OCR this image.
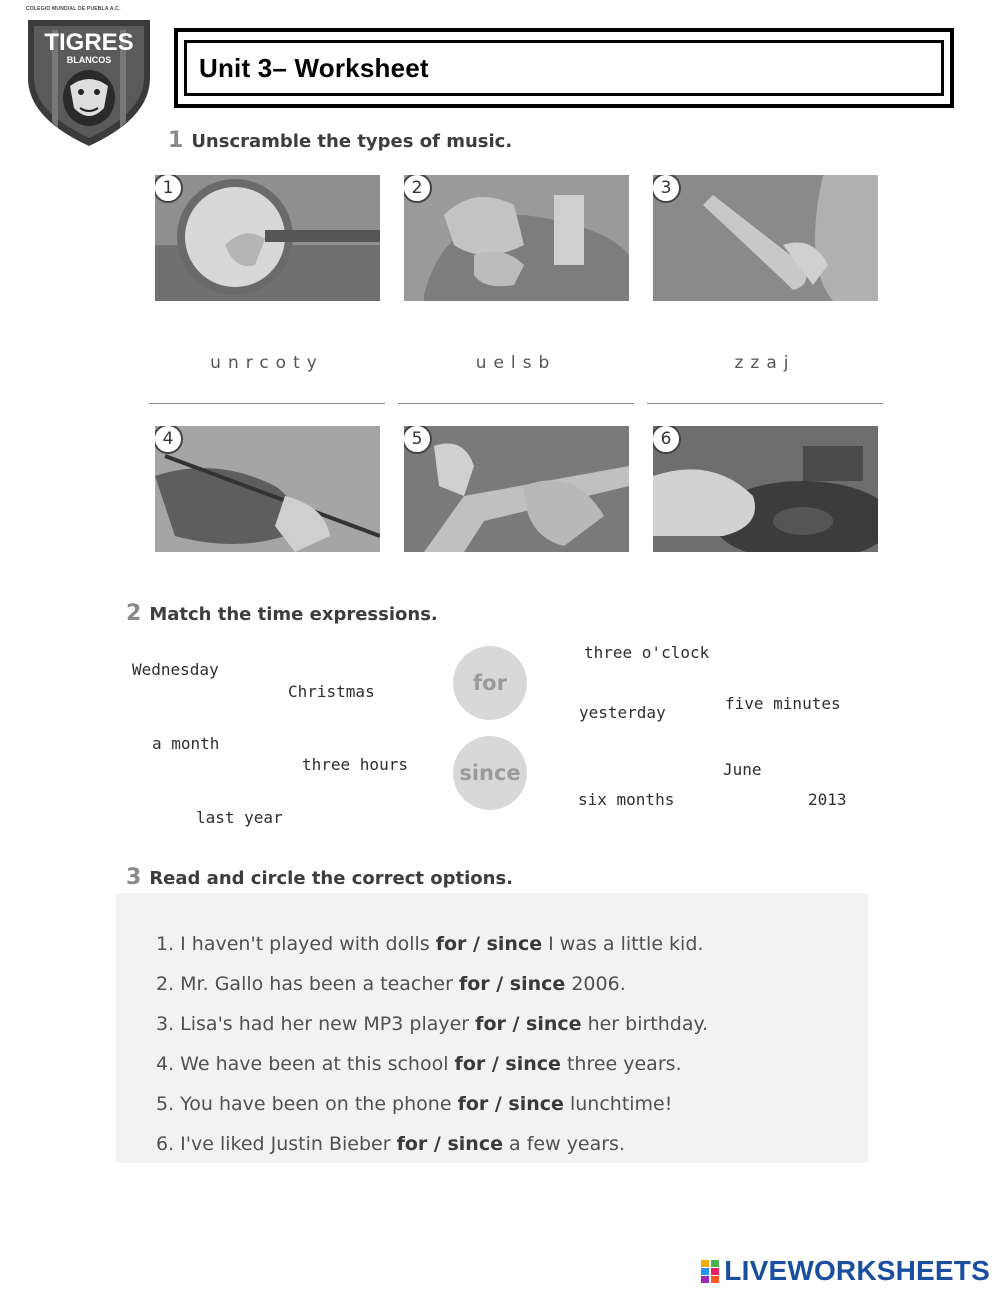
COLEGIO MUNDIAL DE PUEBLA A.C.
TIGRES
BLANCOS	Unit 3– Worksheet
1 Unscramble the types of music.
1	2	3
unrcoty	uelsb	zzaj
4	5	6
2 Match the time expressions.
for
since
Wednesday
Christmas
a month
three hours
last year
three o'clock
yesterday	five minutes
June
six months	2013
3 Read and circle the correct options.
1. I haven't played with dolls for / since I was a little kid.
2. Mr. Gallo has been a teacher for / since 2006.
3. Lisa's had her new MP3 player for / since her birthday.
4. We have been at this school for / since three years.
5. You have been on the phone for / since lunchtime!
6. I've liked Justin Bieber for / since a few years.
LIVEWORKSHEETS
